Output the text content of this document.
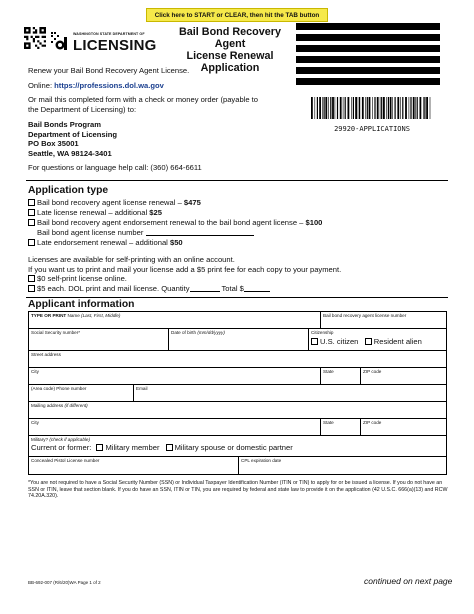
Click here to START or CLEAR, then hit the TAB button
WASHINGTON STATE DEPARTMENT OF
LICENSING
Bail Bond Recovery Agent
License Renewal
Application
29920-APPLICATIONS
Renew your Bail Bond Recovery Agent License.
Online: https://professions.dol.wa.gov
Or mail this completed form with a check or money order (payable to
the Department of Licensing) to:
Bail Bonds Program
Department of Licensing
PO Box 35001
Seattle, WA 98124-3401
For questions or language help call: (360) 664-6611
Application type
Bail bond recovery agent license renewal – $475
Late license renewal – additional $25
Bail bond recovery agent endorsement renewal to the bail bond agent license – $100
Bail bond agent license number
Late endorsement renewal – additional $50
Licenses are available for self-printing with an online account.
If you want us to print and mail your license add a $5 print fee for each copy to your payment.
$0 self-print license online.
$5 each. DOL print and mail license. Quantity	Total $
Applicant information
TYPE OR PRINT Name (Last, First, Middle)	Bail bond recovery agent license number
Social Security number*	Date of birth (mm/dd/yyyy)	Citizenship
U.S. citizen Resident alien
Street address
City	State	ZIP code
(Area code) Phone number	Email
Mailing address (if different)
City	State	ZIP code
Military? (check if applicable)
Current or former: Military member Military spouse or domestic partner
Concealed Pistol License number	CPL expiration date
*You are not required to have a Social Security Number (SSN) or Individual Taxpayer Identification Number (ITIN or TIN) to apply for or be issued a license. If you do not have an SSN or ITIN, leave that section blank. If you do have an SSN, ITIN or TIN, you are required by federal and state law to provide it on the application (42 U.S.C. 666(a)(13) and RCW 74.20A.320).
BB-692-007 (R/6/20)WA Page 1 of 2	continued on next page
